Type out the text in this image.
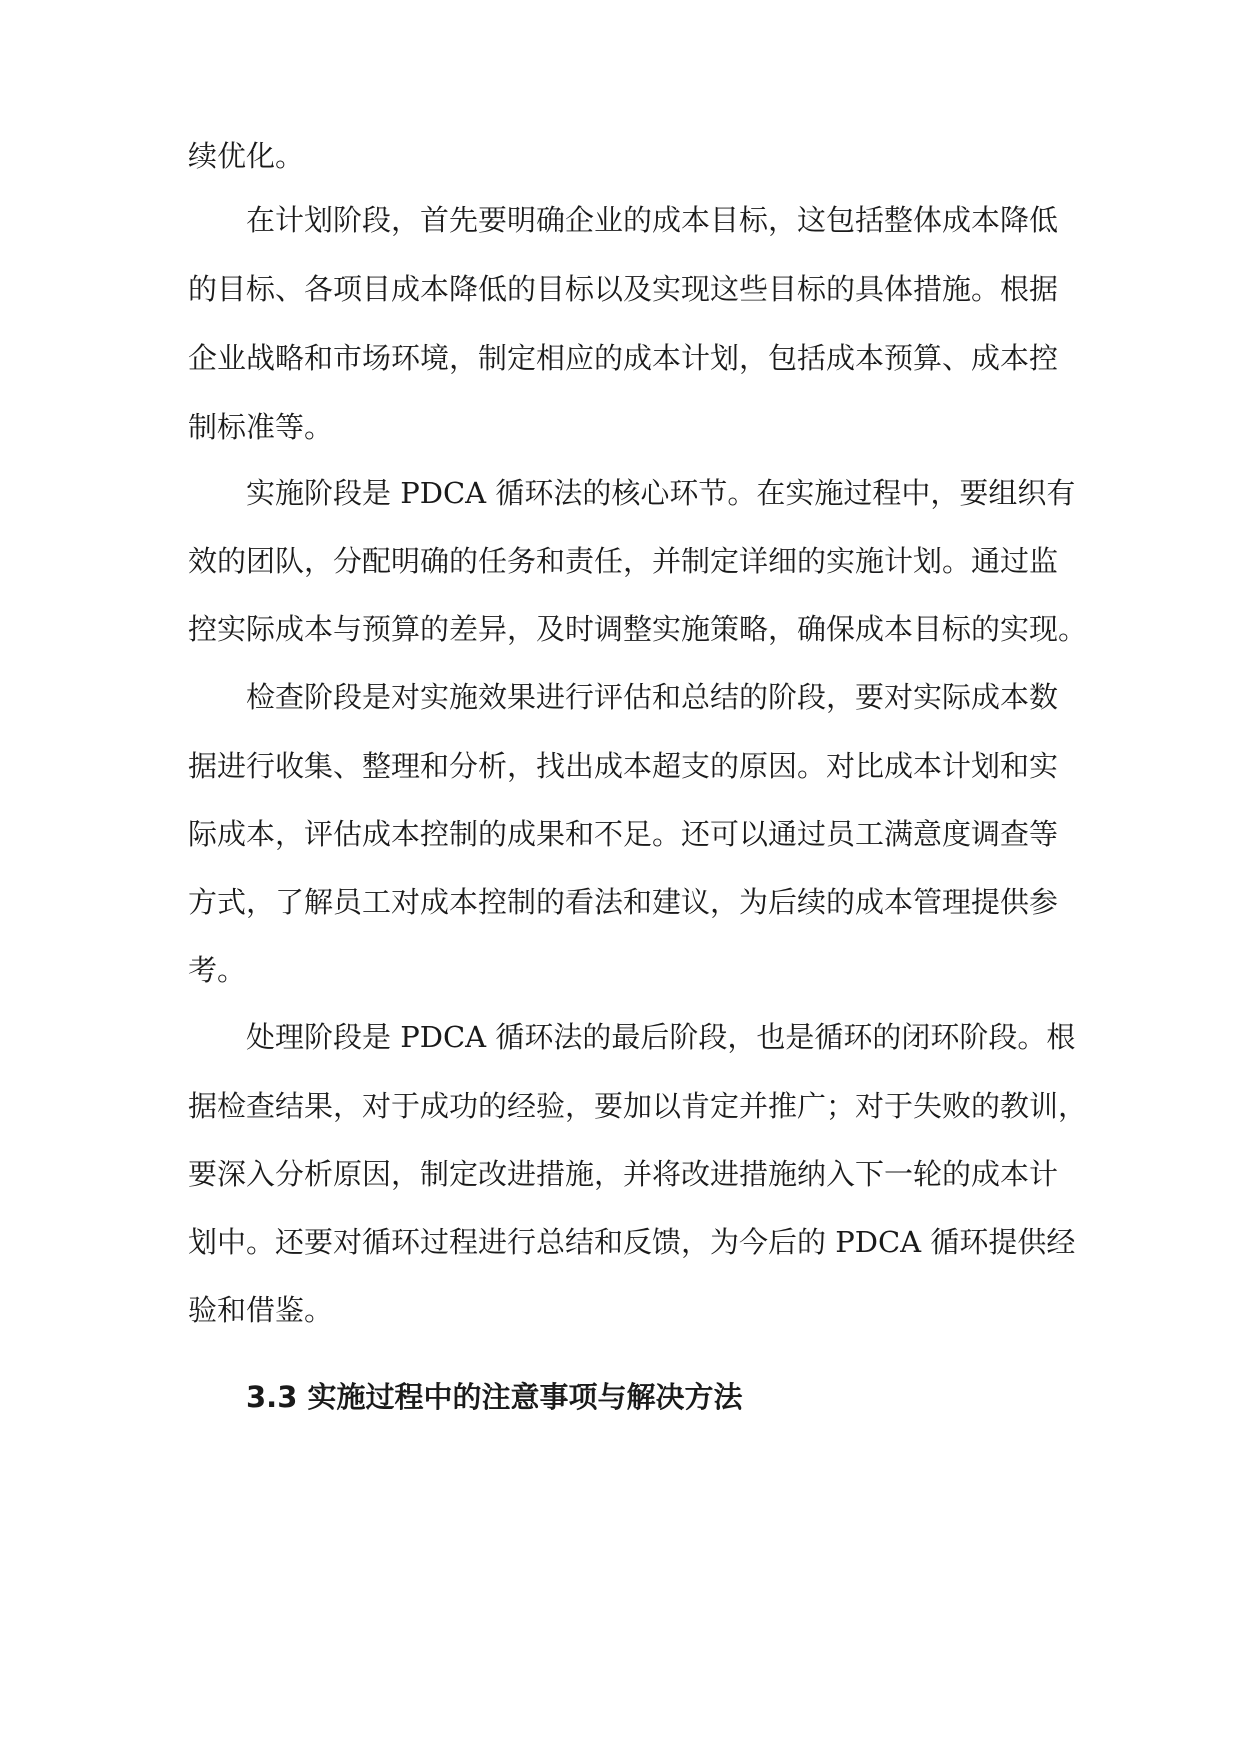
续优化。
在计划阶段，首先要明确企业的成本目标，这包括整体成本降低
的目标、各项目成本降低的目标以及实现这些目标的具体措施。根据
企业战略和市场环境，制定相应的成本计划，包括成本预算、成本控
制标准等。
实施阶段是 PDCA 循环法的核心环节。在实施过程中，要组织有
效的团队，分配明确的任务和责任，并制定详细的实施计划。通过监
控实际成本与预算的差异，及时调整实施策略，确保成本目标的实现。
检查阶段是对实施效果进行评估和总结的阶段，要对实际成本数
据进行收集、整理和分析，找出成本超支的原因。对比成本计划和实
际成本，评估成本控制的成果和不足。还可以通过员工满意度调查等
方式，了解员工对成本控制的看法和建议，为后续的成本管理提供参
考。
处理阶段是 PDCA 循环法的最后阶段，也是循环的闭环阶段。根
据检查结果，对于成功的经验，要加以肯定并推广；对于失败的教训，
要深入分析原因，制定改进措施，并将改进措施纳入下一轮的成本计
划中。还要对循环过程进行总结和反馈，为今后的 PDCA 循环提供经
验和借鉴。
3.3 实施过程中的注意事项与解决方法
